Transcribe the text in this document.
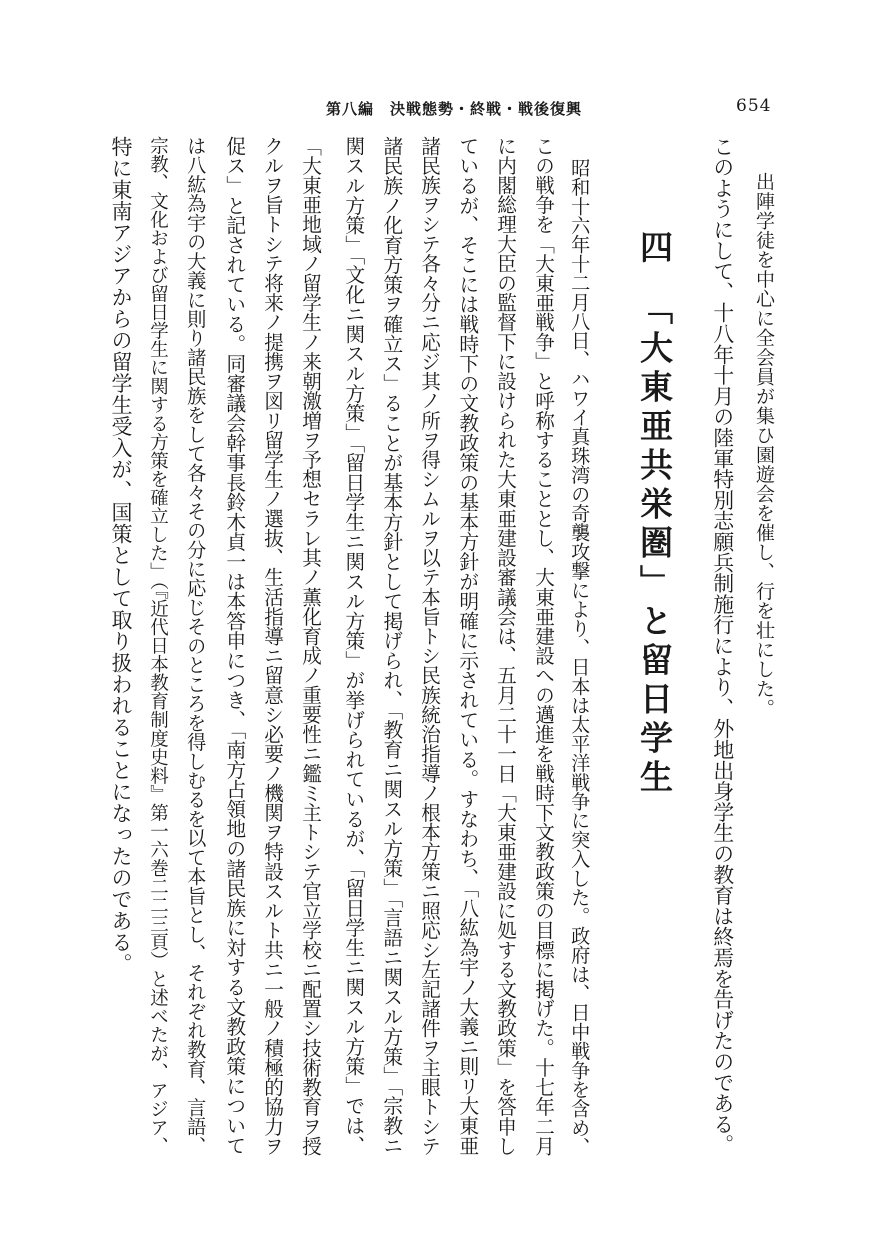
654
第八編　決戦態勢・終戦・戦後復興
出陣学徒を中心に全会員が集ひ園遊会を催し、行を壮にした。
このようにして、十八年十月の陸軍特別志願兵制施行により、外地出身学生の教育は終焉を告げたのである。
四　「大東亜共栄圏」と留日学生
昭和十六年十二月八日、ハワイ真珠湾の奇襲攻撃により、日本は太平洋戦争に突入した。政府は、日中戦争を含め、
この戦争を「大東亜戦争」と呼称することとし、大東亜建設への邁進を戦時下文教政策の目標に掲げた。十七年二月
に内閣総理大臣の監督下に設けられた大東亜建設審議会は、五月二十一日「大東亜建設に処する文教政策」を答申し
ているが、そこには戦時下の文教政策の基本方針が明確に示されている。すなわち、「八紘為宇ノ大義ニ則リ大東亜
諸民族ヲシテ各々分ニ応ジ其ノ所ヲ得シムルヲ以テ本旨トシ民族統治指導ノ根本方策ニ照応シ左記諸件ヲ主眼トシテ
諸民族ノ化育方策ヲ確立ス」ることが基本方針として掲げられ、「教育ニ関スル方策」「言語ニ関スル方策」「宗教ニ
関スル方策」「文化ニ関スル方策」「留日学生ニ関スル方策」が挙げられているが、「留日学生ニ関スル方策」では、
「大東亜地域ノ留学生ノ来朝激増ヲ予想セラレ其ノ薫化育成ノ重要性ニ鑑ミ主トシテ官立学校ニ配置シ技術教育ヲ授
クルヲ旨トシテ将来ノ提携ヲ図リ留学生ノ選抜、生活指導ニ留意シ必要ノ機関ヲ特設スルト共ニ一般ノ積極的協力ヲ
促ス」と記されている。同審議会幹事長鈴木貞一は本答申につき、「南方占領地の諸民族に対する文教政策について
は八紘為宇の大義に則り諸民族をして各々その分に応じそのところを得しむるを以て本旨とし、それぞれ教育、言語、
宗教、文化および留日学生に関する方策を確立した」（『近代日本教育制度史料』第一六巻二二三頁）と述べたが、アジア、
特に東南アジアからの留学生受入が、国策として取り扱われることになったのである。
